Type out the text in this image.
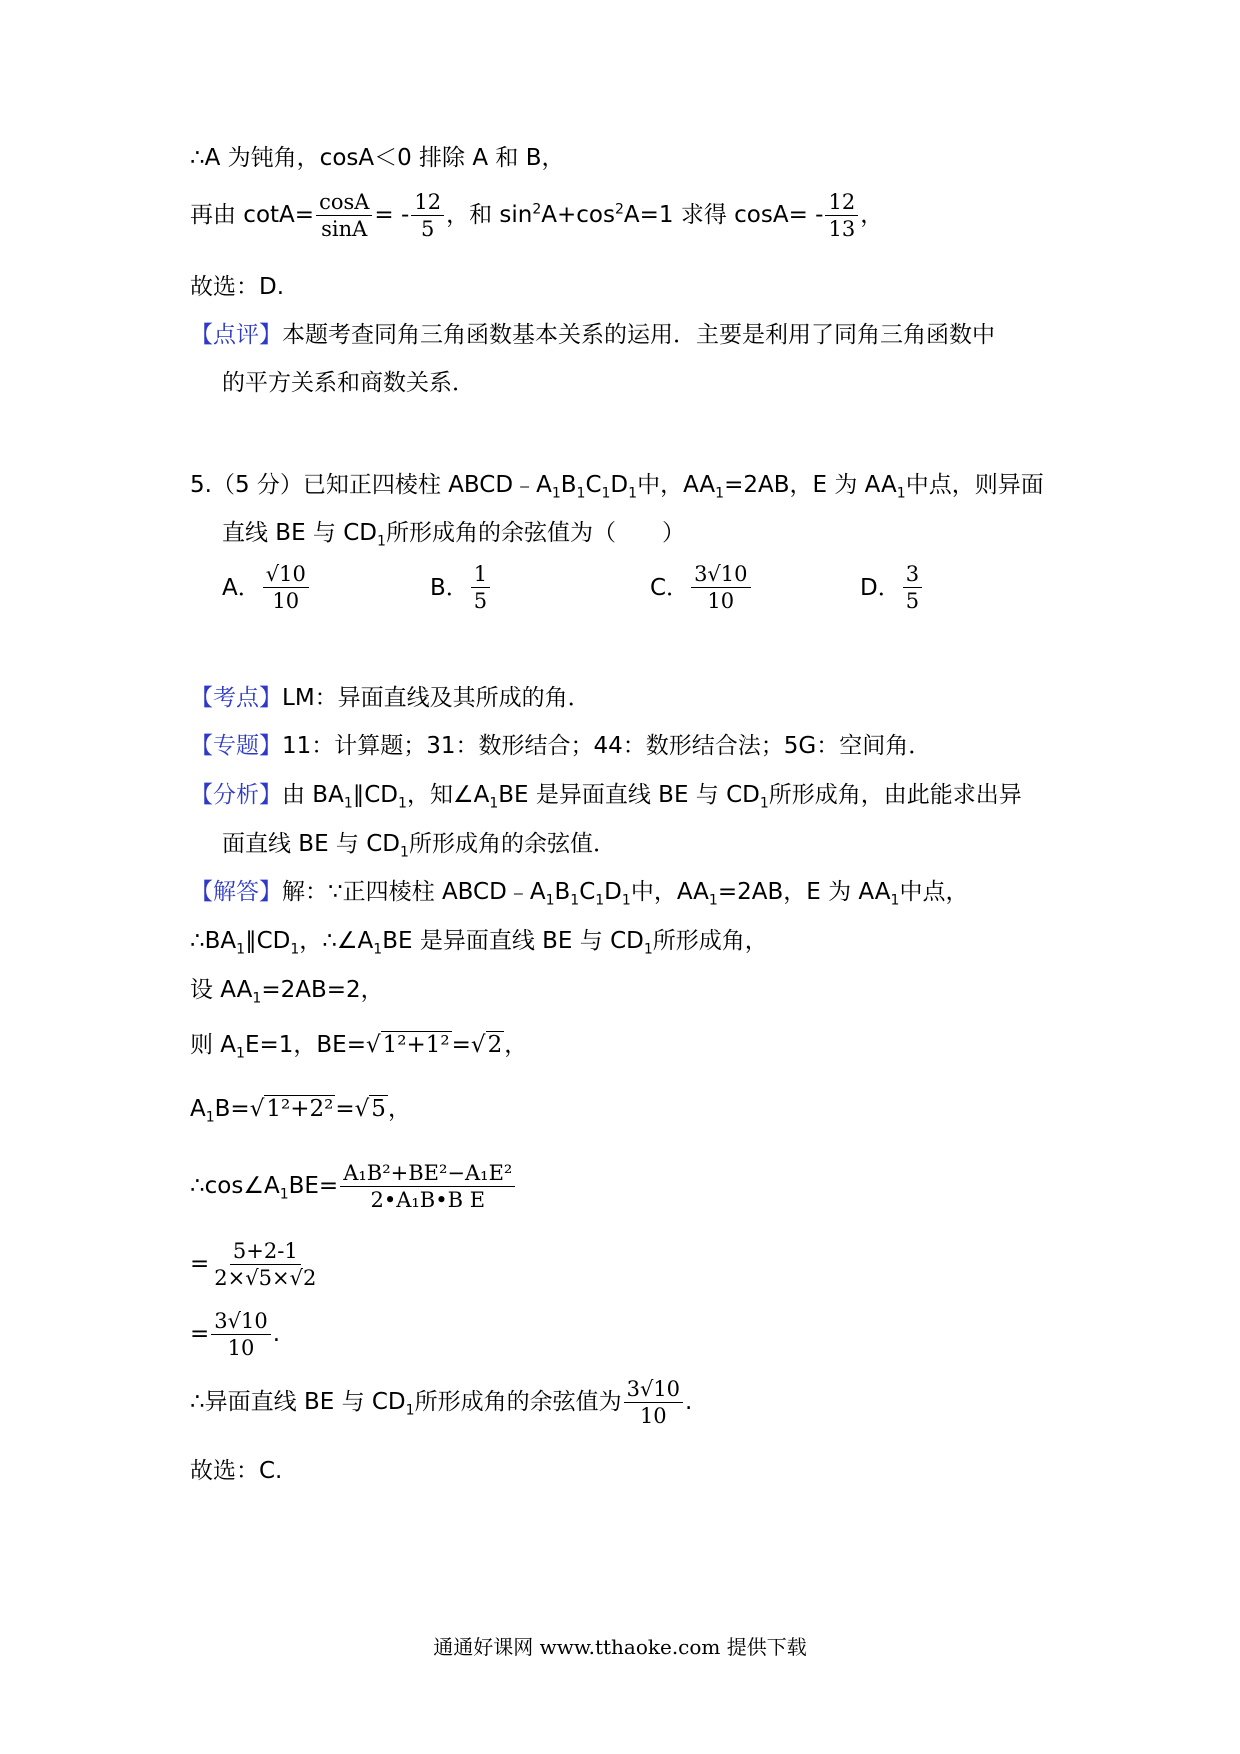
∴A 为钝角，cosA＜0 排除 A 和 B，
再由 $\cot A= \frac{\cos A}{\sin A}$ = - $\frac{12}{5}$ ，和 $\sin^2A+\cos^2A=1$ 求得 $\cos A= - \frac{12}{13}$ ，
故选：D.
【点评】本题考查同角三角函数基本关系的运用．主要是利用了同角三角函数中
的平方关系和商数关系．
5.（5 分）已知正四棱柱 $ABCD﹣A_1B_1C_1D_1$中，$AA_1=2AB$，E 为 $AA_1$中点，则异面
直线 BE 与 $CD_1$所形成角的余弦值为（　　）
A． $\frac{√10}{10}$	B． $\frac{1}{5}$	C． $\frac{3√10}{10}$	D． $\frac{3}{5}$
【考点】LM：异面直线及其所成的角．
【专题】11：计算题；31：数形结合；44：数形结合法；5G：空间角．
【分析】由 $BA_1\parallel CD_1$，知$\angle A_1BE$ 是异面直线 BE 与 $CD_1$所形成角，由此能求出异
面直线 BE 与 $CD_1$所形成角的余弦值．
【解答】解：∵正四棱柱 $ABCD﹣A_1B_1C_1D_1$中，$AA_1=2AB$，E 为 $AA_1$中点，
$\therefore BA_1\parallel CD_1$，$\therefore\angle A_1BE$ 是异面直线 BE 与 $CD_1$所形成角，
设 $AA_1=2AB=2$，
则 $A_1E=1$，BE=√1²+1²=√2，
$A_1B=√1^2+2^2=√5$，
$\therefore\cos\angle A_1BE= \frac{\text{A₁B²+BE²−A₁E²}}{\text{2•A₁B•B E}}$
= $\frac{5+2-1}{2\times√5\times√2}$
= $\frac{3√10}{10}$ .
∴异面直线 BE 与 $CD_1$所形成角的余弦值为 $\frac{3√10}{10}$ .
故选：C.
通通好课网 www.tthaoke.com 提供下载
